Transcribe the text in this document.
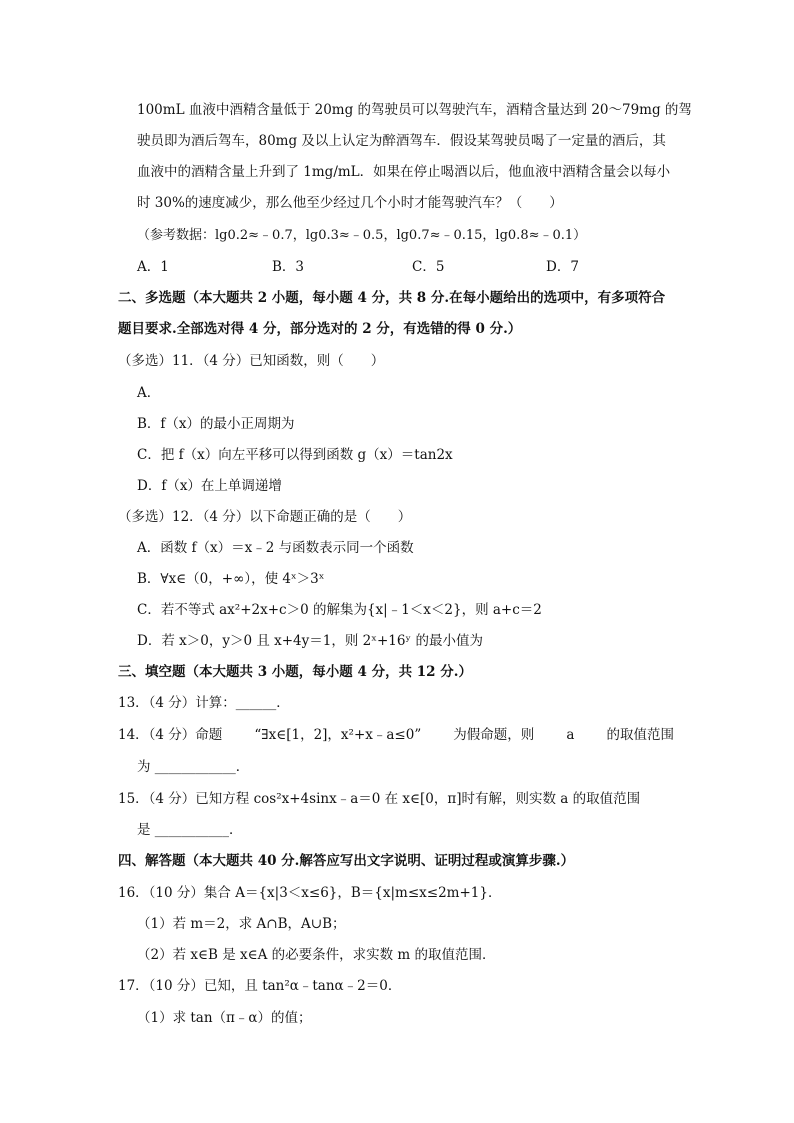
100mL 血液中酒精含量低于 20mg 的驾驶员可以驾驶汽车，酒精含量达到 20～79mg 的驾
驶员即为酒后驾车，80mg 及以上认定为醉酒驾车．假设某驾驶员喝了一定量的酒后，其
血液中的酒精含量上升到了 1mg/mL．如果在停止喝酒以后，他血液中酒精含量会以每小
时 30%的速度减少，那么他至少经过几个小时才能驾驶汽车？（　　）
（参考数据：lg0.2≈﹣0.7，lg0.3≈﹣0.5，lg0.7≈﹣0.15，lg0.8≈﹣0.1）
A．1	B．3	C．5	D．7
二、多选题（本大题共 2 小题，每小题 4 分，共 8 分.在每小题给出的选项中，有多项符合
题目要求.全部选对得 4 分，部分选对的 2 分，有选错的得 0 分.）
（多选）11．（4 分）已知函数，则（　　）
A．
B．f（x）的最小正周期为
C．把 f（x）向左平移可以得到函数 g（x）＝tan2x
D．f（x）在上单调递增
（多选）12．（4 分）以下命题正确的是（　　）
A．函数 f（x）＝x﹣2 与函数表示同一个函数
B．∀x∈（0，+∞），使 4ˣ＞3ˣ
C．若不等式 ax²+2x+c＞0 的解集为{x|﹣1＜x＜2}，则 a+c＝2
D．若 x＞0，y＞0 且 x+4y＝1，则 2ˣ+16ʸ 的最小值为
三、填空题（本大题共 3 小题，每小题 4 分，共 12 分.）
13．（4 分）计算：______．
14．（4 分）命题 “∃x∈[1，2]，x²+x﹣a≤0” 为假命题，则 a 的取值范围
为 ____________．
15．（4 分）已知方程 cos²x+4sinx﹣a＝0 在 x∈[0，π]时有解，则实数 a 的取值范围
是 ___________．
四、解答题（本大题共 40 分.解答应写出文字说明、证明过程或演算步骤.）
16．（10 分）集合 A＝{x|3＜x≤6}，B＝{x|m≤x≤2m+1}．
（1）若 m＝2，求 A∩B，A∪B；
（2）若 x∈B 是 x∈A 的必要条件，求实数 m 的取值范围．
17．（10 分）已知，且 tan²α﹣tanα﹣2＝0．
（1）求 tan（π﹣α）的值；
